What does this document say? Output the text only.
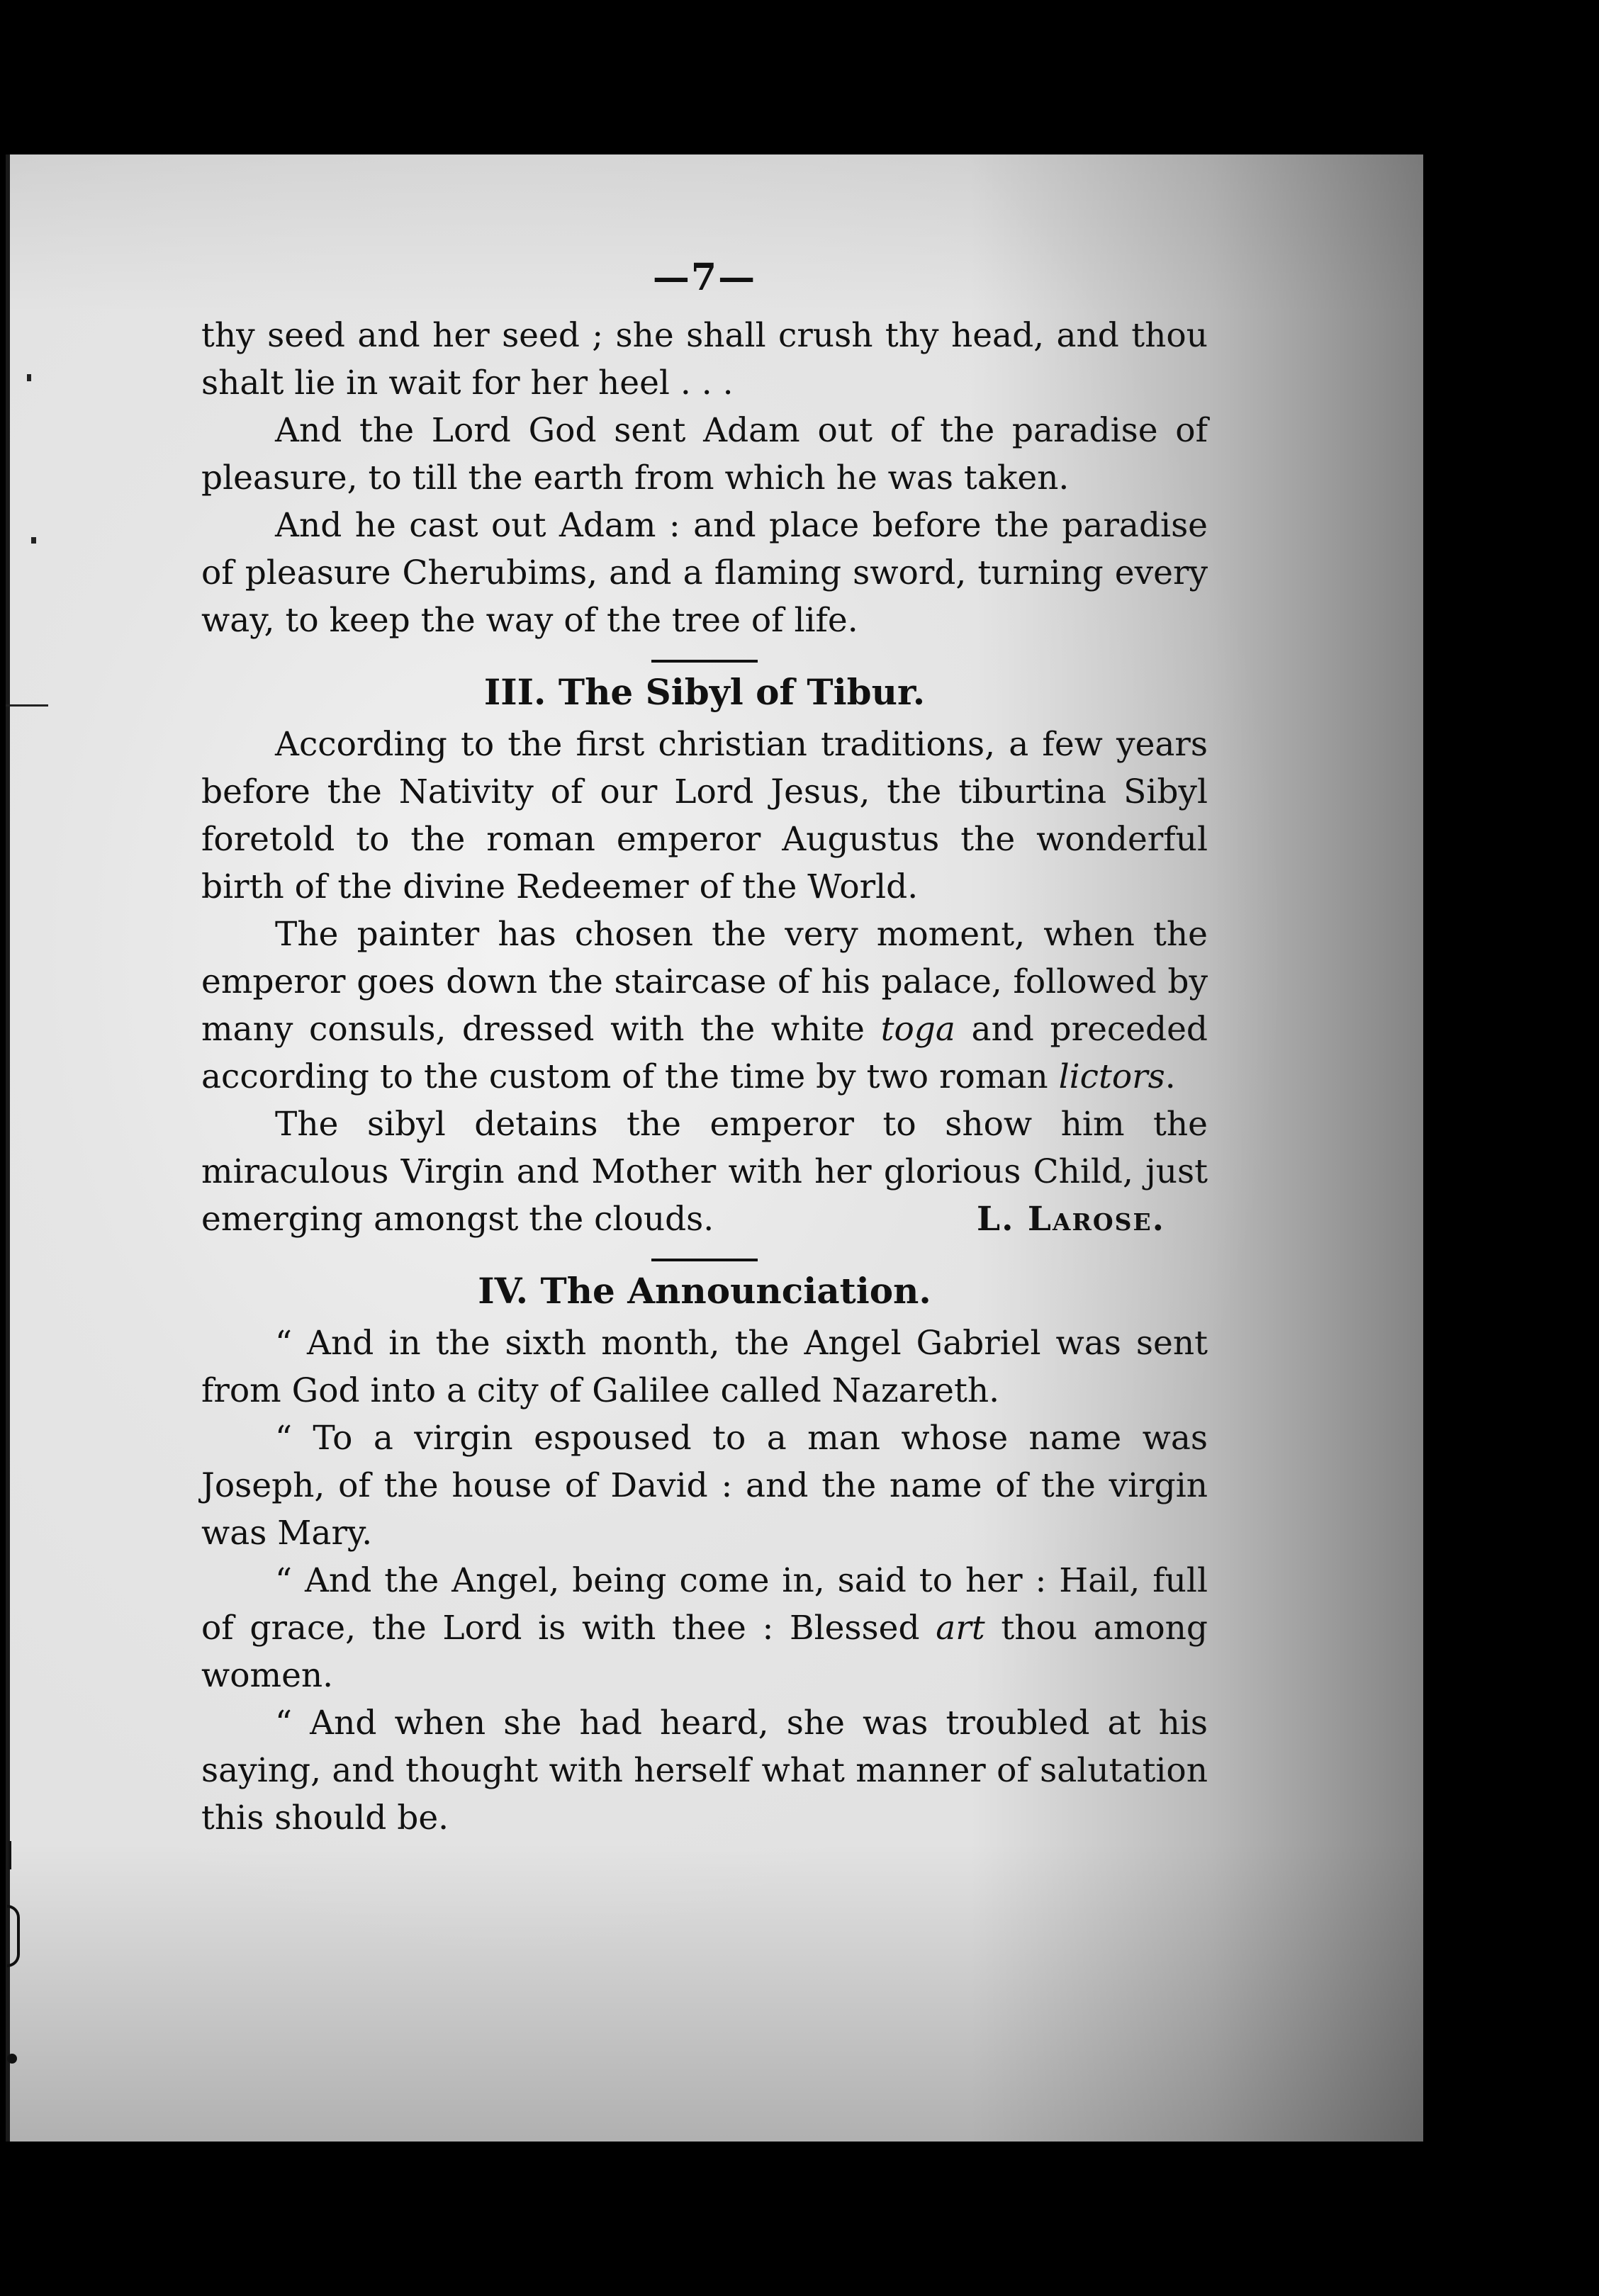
—7—

thy seed and her seed ; she shall crush thy head, and thou shalt lie in wait for her heel . . .

And the Lord God sent Adam out of the paradise of pleasure, to till the earth from which he was taken.

And he cast out Adam : and place before the paradise of pleasure Cherubims, and a flaming sword, turning every way, to keep the way of the tree of life.

III. The Sibyl of Tibur.

According to the first christian traditions, a few years before the Nativity of our Lord Jesus, the tiburtina Sibyl foretold to the roman emperor Augustus the wonderful birth of the divine Redeemer of the World.

The painter has chosen the very moment, when the emperor goes down the staircase of his palace, followed by many consuls, dressed with the white toga and preceded according to the custom of the time by two roman lictors.

The sibyl detains the emperor to show him the miraculous Virgin and Mother with her glorious Child, just emerging amongst the clouds.	L. Larose.

IV. The Announciation.

“ And in the sixth month, the Angel Gabriel was sent from God into a city of Galilee called Nazareth.

“ To a virgin espoused to a man whose name was Joseph, of the house of David : and the name of the virgin was Mary.

“ And the Angel, being come in, said to her : Hail, full of grace, the Lord is with thee : Blessed art thou among women.

“ And when she had heard, she was troubled at his saying, and thought with herself what manner of salutation this should be.
